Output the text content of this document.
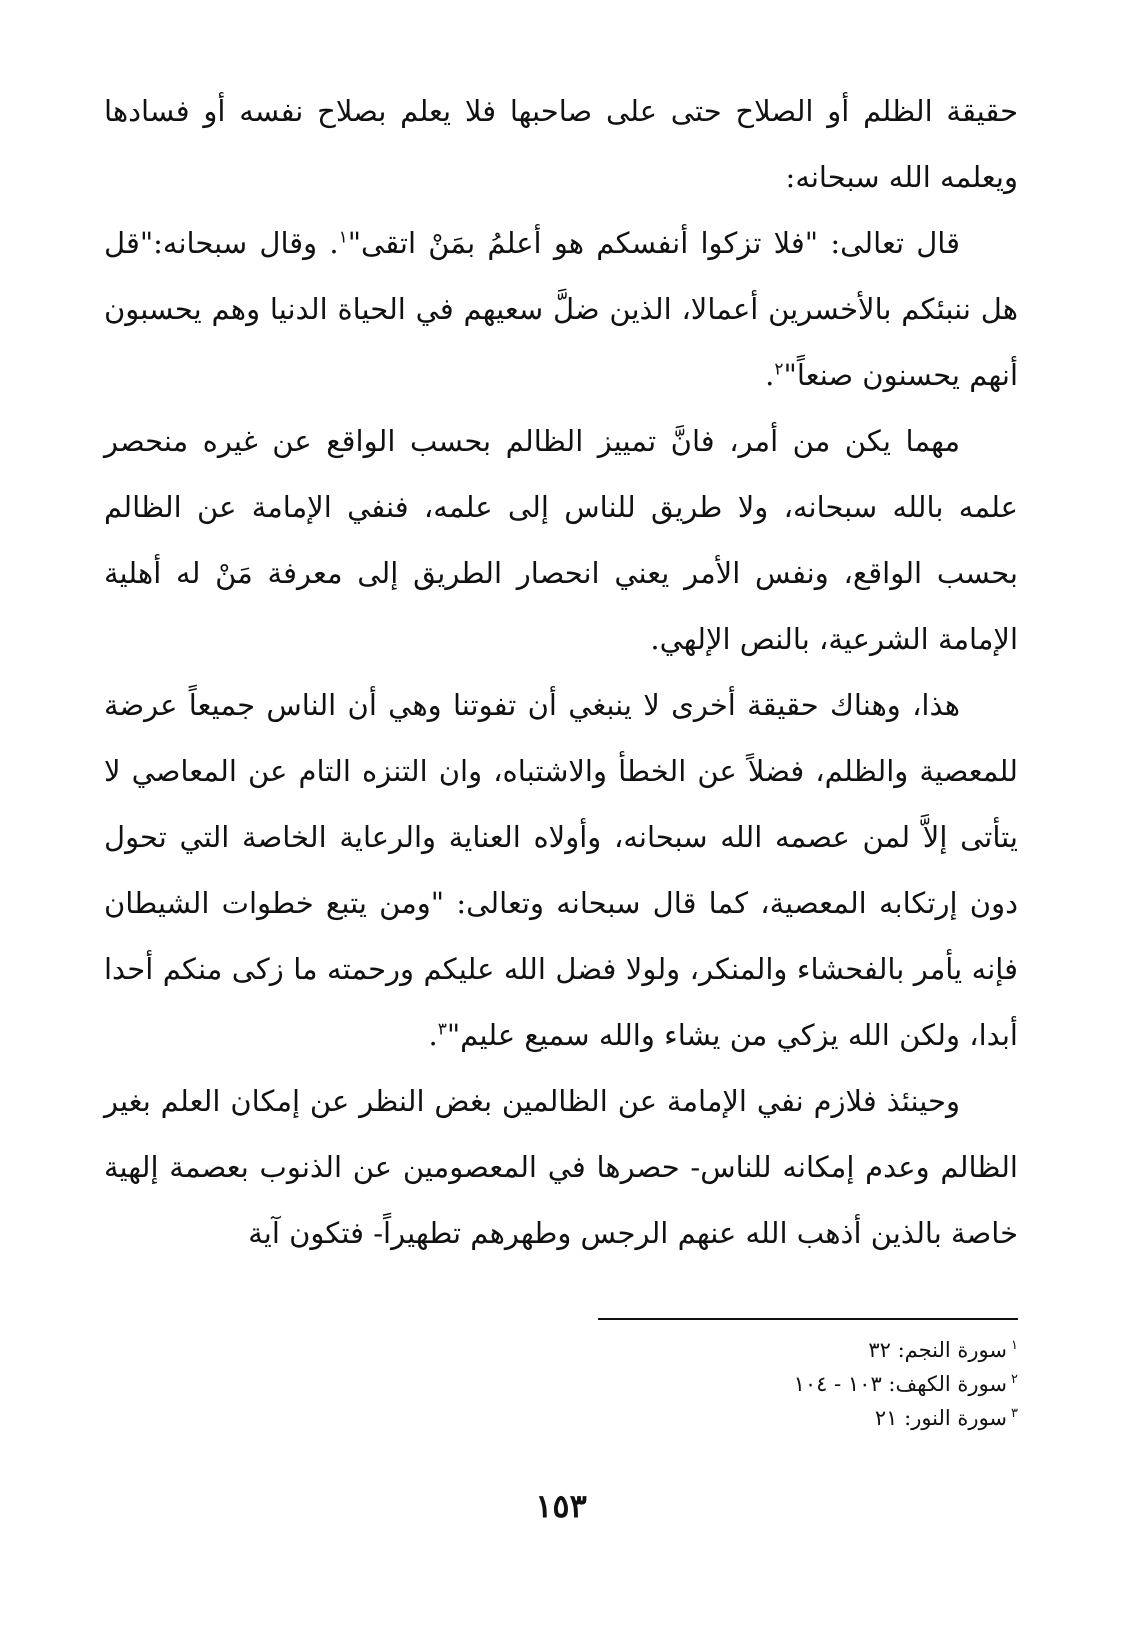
حقيقة الظلم أو الصلاح حتى على صاحبها فلا يعلم بصلاح نفسه أو فسادها ويعلمه الله سبحانه:

قال تعالى: "فلا تزكوا أنفسكم هو أعلمُ بمَنْ اتقى"$^١$. وقال سبحانه:"قل هل ننبئكم بالأخسرين أعمالا، الذين ضلَّ سعيهم في الحياة الدنيا وهم يحسبون أنهم يحسنون صنعاً"$^٢$.

مهما يكن من أمر، فانَّ تمييز الظالم بحسب الواقع عن غيره منحصر علمه بالله سبحانه، ولا طريق للناس إلى علمه، فنفي الإمامة عن الظالم بحسب الواقع، ونفس الأمر يعني انحصار الطريق إلى معرفة مَنْ له أهلية الإمامة الشرعية، بالنص الإلهي.

هذا، وهناك حقيقة أخرى لا ينبغي أن تفوتنا وهي أن الناس جميعاً عرضة للمعصية والظلم، فضلاً عن الخطأ والاشتباه، وان التنزه التام عن المعاصي لا يتأتى إلاَّ لمن عصمه الله سبحانه، وأولاه العناية والرعاية الخاصة التي تحول دون إرتكابه المعصية، كما قال سبحانه وتعالى: "ومن يتبع خطوات الشيطان فإنه يأمر بالفحشاء والمنكر، ولولا فضل الله عليكم ورحمته ما زكى منكم أحدا أبدا، ولكن الله يزكي من يشاء والله سميع عليم"$^٣$.

وحينئذ فلازم نفي الإمامة عن الظالمين بغض النظر عن إمكان العلم بغير الظالم وعدم إمكانه للناس- حصرها في المعصومين عن الذنوب بعصمة إلهية خاصة بالذين أذهب الله عنهم الرجس وطهرهم تطهيراً- فتكون آية

$^١$سورة النجم: ٣٢

$^٢$سورة الكهف: ١٠٣ - ١٠٤

$^٣$سورة النور: ٢١

١٥٣
